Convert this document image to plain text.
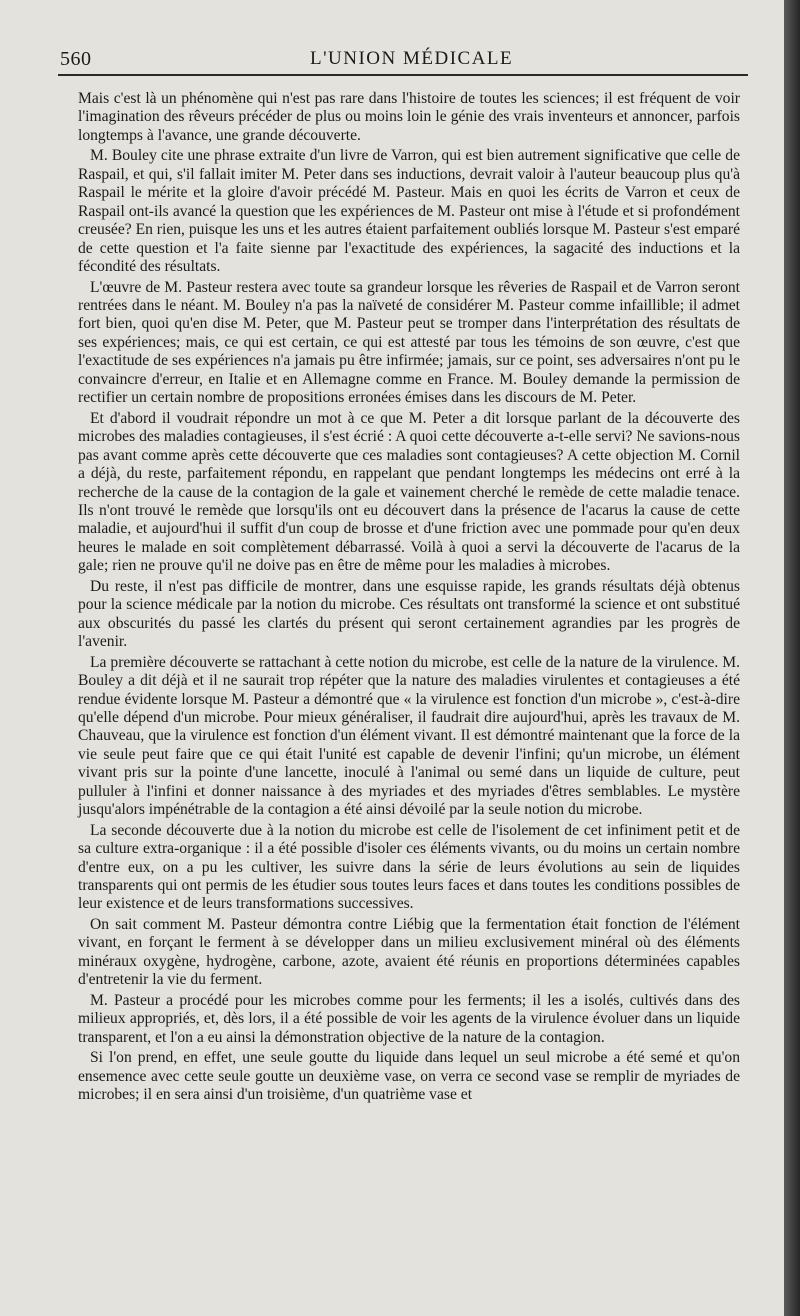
560	L'UNION MÉDICALE

Mais c'est là un phénomène qui n'est pas rare dans l'histoire de toutes les sciences; il est fréquent de voir l'imagination des rêveurs précéder de plus ou moins loin le génie des vrais inventeurs et annoncer, parfois longtemps à l'avance, une grande découverte.

M. Bouley cite une phrase extraite d'un livre de Varron, qui est bien autrement significative que celle de Raspail, et qui, s'il fallait imiter M. Peter dans ses inductions, devrait valoir à l'auteur beaucoup plus qu'à Raspail le mérite et la gloire d'avoir précédé M. Pasteur. Mais en quoi les écrits de Varron et ceux de Raspail ont-ils avancé la question que les expériences de M. Pasteur ont mise à l'étude et si profondément creusée? En rien, puisque les uns et les autres étaient parfaitement oubliés lorsque M. Pasteur s'est emparé de cette question et l'a faite sienne par l'exactitude des expériences, la sagacité des inductions et la fécondité des résultats.

L'œuvre de M. Pasteur restera avec toute sa grandeur lorsque les rêveries de Raspail et de Varron seront rentrées dans le néant. M. Bouley n'a pas la naïveté de considérer M. Pasteur comme infaillible; il admet fort bien, quoi qu'en dise M. Peter, que M. Pasteur peut se tromper dans l'interprétation des résultats de ses expériences; mais, ce qui est certain, ce qui est attesté par tous les témoins de son œuvre, c'est que l'exactitude de ses expériences n'a jamais pu être infirmée; jamais, sur ce point, ses adversaires n'ont pu le convaincre d'erreur, en Italie et en Allemagne comme en France. M. Bouley demande la permission de rectifier un certain nombre de propositions erronées émises dans les discours de M. Peter.

Et d'abord il voudrait répondre un mot à ce que M. Peter a dit lorsque parlant de la découverte des microbes des maladies contagieuses, il s'est écrié : A quoi cette découverte a-t-elle servi? Ne savions-nous pas avant comme après cette découverte que ces maladies sont contagieuses? A cette objection M. Cornil a déjà, du reste, parfaitement répondu, en rappelant que pendant longtemps les médecins ont erré à la recherche de la cause de la contagion de la gale et vainement cherché le remède de cette maladie tenace. Ils n'ont trouvé le remède que lorsqu'ils ont eu découvert dans la présence de l'acarus la cause de cette maladie, et aujourd'hui il suffit d'un coup de brosse et d'une friction avec une pommade pour qu'en deux heures le malade en soit complètement débarrassé. Voilà à quoi a servi la découverte de l'acarus de la gale; rien ne prouve qu'il ne doive pas en être de même pour les maladies à microbes.

Du reste, il n'est pas difficile de montrer, dans une esquisse rapide, les grands résultats déjà obtenus pour la science médicale par la notion du microbe. Ces résultats ont transformé la science et ont substitué aux obscurités du passé les clartés du présent qui seront certainement agrandies par les progrès de l'avenir.

La première découverte se rattachant à cette notion du microbe, est celle de la nature de la virulence. M. Bouley a dit déjà et il ne saurait trop répéter que la nature des maladies virulentes et contagieuses a été rendue évidente lorsque M. Pasteur a démontré que « la virulence est fonction d'un microbe », c'est-à-dire qu'elle dépend d'un microbe. Pour mieux généraliser, il faudrait dire aujourd'hui, après les travaux de M. Chauveau, que la virulence est fonction d'un élément vivant. Il est démontré maintenant que la force de la vie seule peut faire que ce qui était l'unité est capable de devenir l'infini; qu'un microbe, un élément vivant pris sur la pointe d'une lancette, inoculé à l'animal ou semé dans un liquide de culture, peut pulluler à l'infini et donner naissance à des myriades et des myriades d'êtres semblables. Le mystère jusqu'alors impénétrable de la contagion a été ainsi dévoilé par la seule notion du microbe.

La seconde découverte due à la notion du microbe est celle de l'isolement de cet infiniment petit et de sa culture extra-organique : il a été possible d'isoler ces éléments vivants, ou du moins un certain nombre d'entre eux, on a pu les cultiver, les suivre dans la série de leurs évolutions au sein de liquides transparents qui ont permis de les étudier sous toutes leurs faces et dans toutes les conditions possibles de leur existence et de leurs transformations successives.

On sait comment M. Pasteur démontra contre Liébig que la fermentation était fonction de l'élément vivant, en forçant le ferment à se développer dans un milieu exclusivement minéral où des éléments minéraux oxygène, hydrogène, carbone, azote, avaient été réunis en proportions déterminées capables d'entretenir la vie du ferment.

M. Pasteur a procédé pour les microbes comme pour les ferments; il les a isolés, cultivés dans des milieux appropriés, et, dès lors, il a été possible de voir les agents de la virulence évoluer dans un liquide transparent, et l'on a eu ainsi la démonstration objective de la nature de la contagion.

Si l'on prend, en effet, une seule goutte du liquide dans lequel un seul microbe a été semé et qu'on ensemence avec cette seule goutte un deuxième vase, on verra ce second vase se remplir de myriades de microbes; il en sera ainsi d'un troisième, d'un quatrième vase et
